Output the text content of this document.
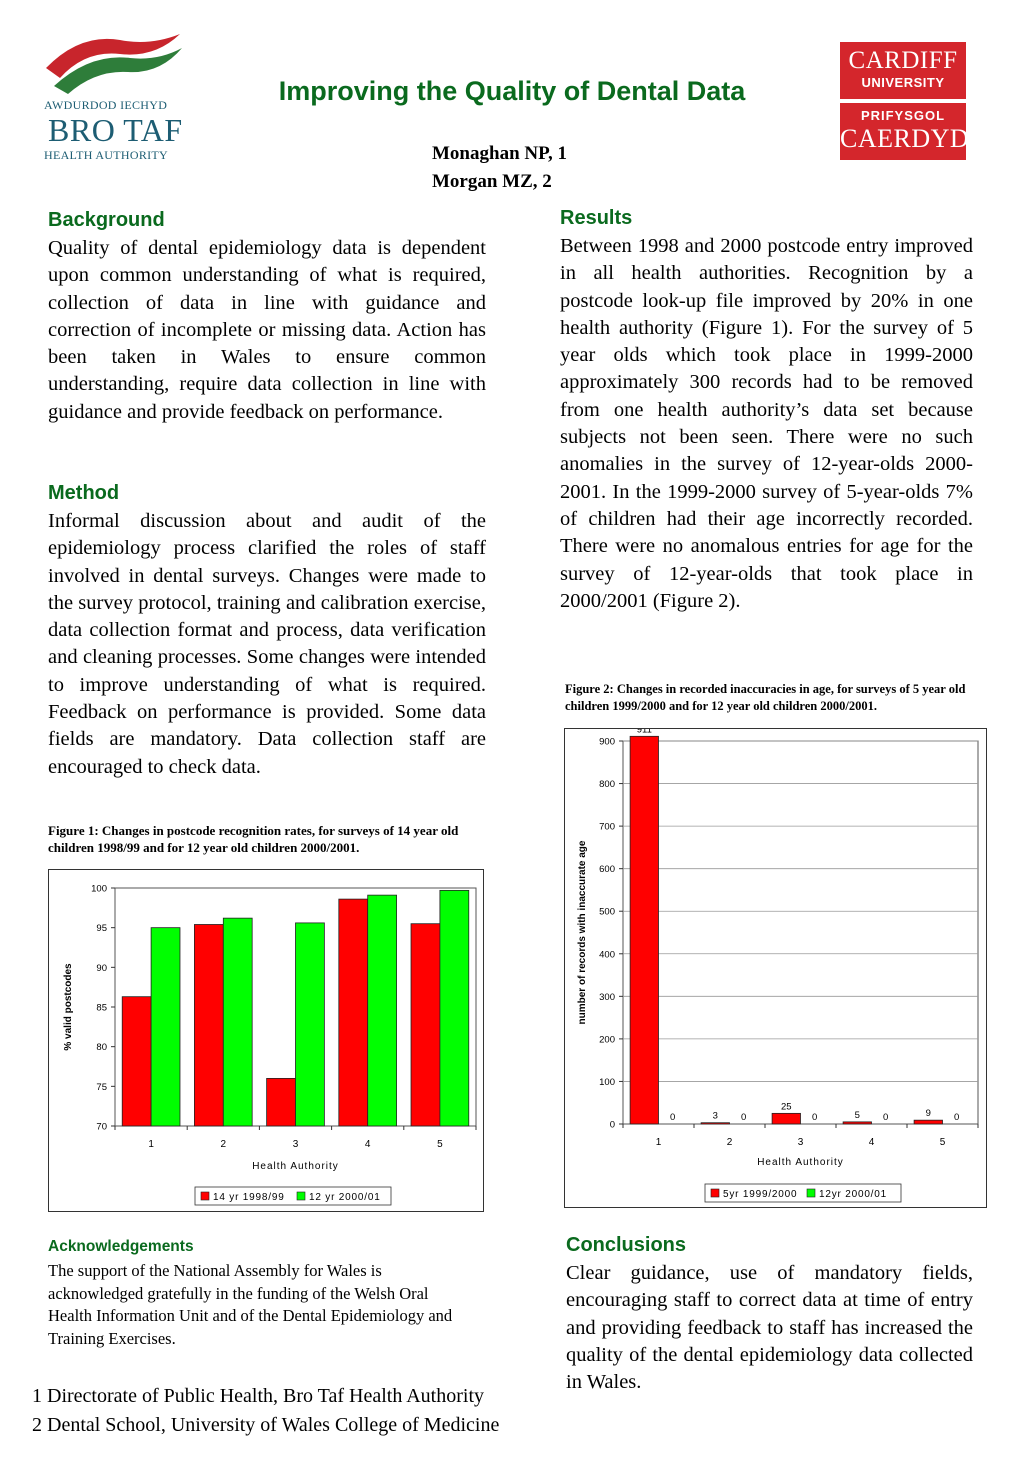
AWDURDOD IECHYD
BRO TAF
HEALTH AUTHORITY
CARDIFF
UNIVERSITY
PRIFYSGOL
CAERDYDD
Improving the Quality of Dental Data
Monaghan NP, 1
Morgan MZ, 2
Background
Quality of dental epidemiology data is dependent upon common understanding of what is required, collection of data in line with guidance and correction of incomplete or missing data. Action has been taken in Wales to ensure common understanding, require data collection in line with guidance and provide feedback on performance.
Method
Informal discussion about and audit of the epidemiology process clarified the roles of staff involved in dental surveys. Changes were made to the survey protocol, training and calibration exercise, data collection format and process, data verification and cleaning processes. Some changes were intended to improve understanding of what is required. Feedback on performance is provided. Some data fields are mandatory. Data collection staff are encouraged to check data.
Figure 1: Changes in postcode recognition rates, for surveys of 14 year old children 1998/99 and for 12 year old children 2000/2001.
70
75
80
85
90
95
100
1	2	3	4	5
Health Authority
% valid postcodes
14 yr 1998/99 12 yr 2000/01
Results
Between 1998 and 2000 postcode entry improved in all health authorities. Recognition by a postcode look-up file improved by 20% in one health authority (Figure 1). For the survey of 5 year olds which took place in 1999-2000 approximately 300 records had to be removed from one health authority’s data set because subjects not been seen. There were no such anomalies in the survey of 12-year-olds 2000-2001. In the 1999-2000 survey of 5-year-olds 7% of children had their age incorrectly recorded. There were no anomalous entries for age for the survey of 12-year-olds that took place in 2000/2001 (Figure 2).
Figure 2: Changes in recorded inaccuracies in age, for surveys of 5 year old children 1999/2000 and for 12 year old children 2000/2001.
0
100
200
300
400
500
600
700
800
900
1	2	3	4	5
911
3
25
5	9
0	0	0	0	0
Health Authority
number of records with inaccurate age
5yr 1999/2000 12yr 2000/01
Acknowledgements
The support of the National Assembly for Wales is acknowledged gratefully in the funding of the Welsh Oral Health Information Unit and of the Dental Epidemiology and Training Exercises.
Conclusions
Clear guidance, use of mandatory fields, encouraging staff to correct data at time of entry and providing feedback to staff has increased the quality of the dental epidemiology data collected in Wales.
1 Directorate of Public Health, Bro Taf Health Authority
2 Dental School, University of Wales College of Medicine
